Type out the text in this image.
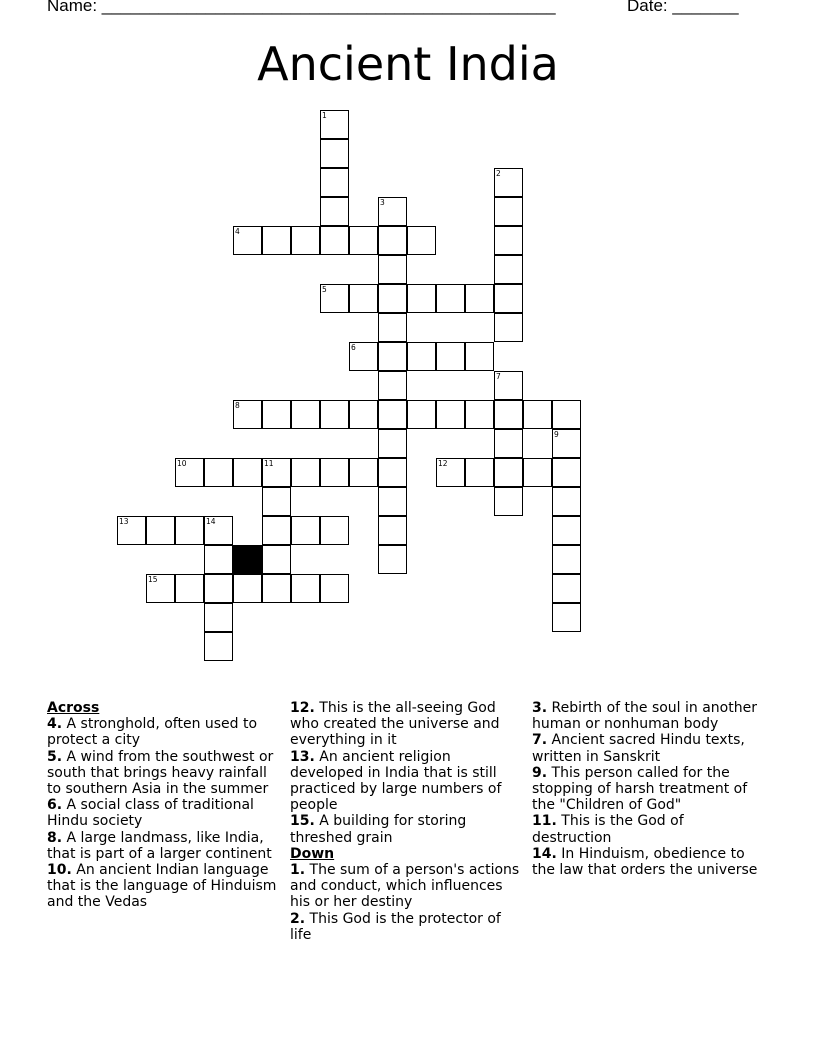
Name: ________________________________________________	Date: _______
Ancient India
1
2
3
4
5
6
7
8
9
10	11	12
13	14
15
Across
4. A stronghold, often used to protect a city
5. A wind from the southwest or south that brings heavy rainfall to southern Asia in the summer
6. A social class of traditional Hindu society
8. A large landmass, like India, that is part of a larger continent
10. An ancient Indian language that is the language of Hinduism and the Vedas
12. This is the all-seeing God who created the universe and everything in it
13. An ancient religion developed in India that is still practiced by large numbers of people
15. A building for storing threshed grain
Down
1. The sum of a person's actions and conduct, which influences his or her destiny
2. This God is the protector of life
3. Rebirth of the soul in another human or nonhuman body
7. Ancient sacred Hindu texts, written in Sanskrit
9. This person called for the stopping of harsh treatment of the "Children of God"
11. This is the God of destruction
14. In Hinduism, obedience to the law that orders the universe
